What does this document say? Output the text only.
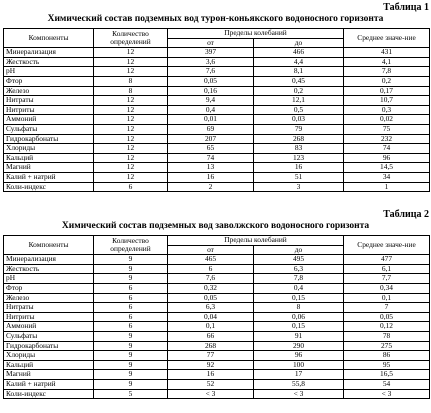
Таблица 1
Химический состав подземных вод турон-коньякского водоносного горизонта
Компоненты	Количество определений	Пределы колебаний		Среднее значе-ние
		от	до	
Минерализация	12	397	466	431
Жесткость	12	3,6	4,4	4,1
pH	12	7,6	8,1	7,8
Фтор	8	0,05	0,45	0,2
Железо	8	0,16	0,2	0,17
Нитраты	12	9,4	12,1	10,7
Нитриты	12	0,4	0,5	0,3
Аммоний	12	0,01	0,03	0,02
Сульфаты	12	69	79	75
Гидрокарбонаты	12	207	268	232
Хлориды	12	65	83	74
Кальций	12	74	123	96
Магний	12	13	16	14,5
Калий + натрий	12	16	51	34
Коли-индекс	6	2	3	1
Таблица 2
Химический состав подземных вод заволжского водоносного горизонта
Компоненты	Количество определений	Пределы колебаний		Среднее значе-ние
		от	до	
Минерализация	9	465	495	477
Жесткость	9	6	6,3	6,1
pH	9	7,6	7,8	7,7
Фтор	6	0,32	0,4	0,34
Железо	6	0,05	0,15	0,1
Нитраты	6	6,3	8	7
Нитриты	6	0,04	0,06	0,05
Аммоний	6	0,1	0,15	0,12
Сульфаты	9	66	91	78
Гидрокарбонаты	9	268	290	275
Хлориды	9	77	96	86
Кальций	9	92	100	95
Магний	9	16	17	16,5
Калий + натрий	9	52	55,8	54
Коли-индекс	5	< 3	< 3	< 3
